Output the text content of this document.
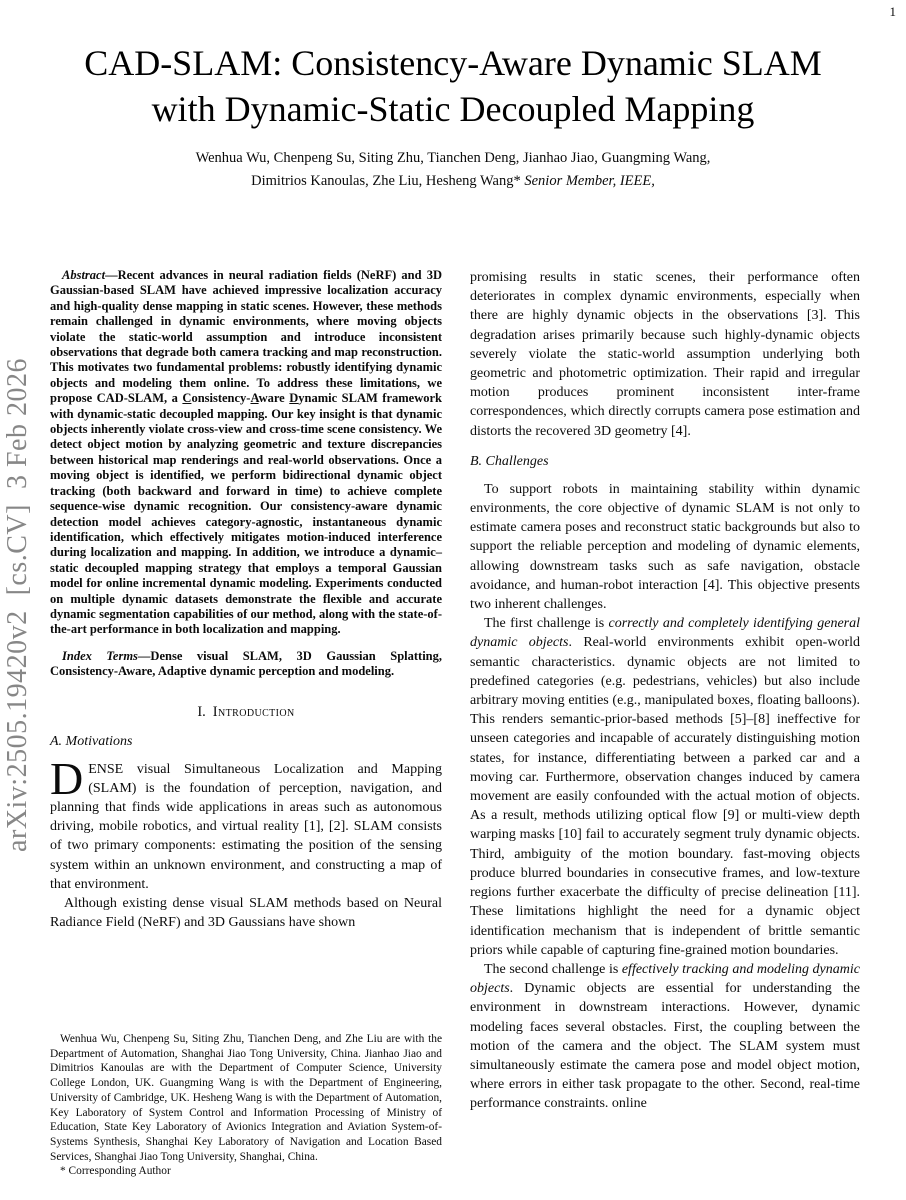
1
arXiv:2505.19420v2  [cs.CV]  3 Feb 2026
CAD-SLAM: Consistency-Aware Dynamic SLAM
with Dynamic-Static Decoupled Mapping
Wenhua Wu, Chenpeng Su, Siting Zhu, Tianchen Deng, Jianhao Jiao, Guangming Wang,
Dimitrios Kanoulas, Zhe Liu, Hesheng Wang* Senior Member, IEEE,

Abstract—Recent advances in neural radiation fields (NeRF) and 3D Gaussian-based SLAM have achieved impressive localization accuracy and high-quality dense mapping in static scenes. However, these methods remain challenged in dynamic environments, where moving objects violate the static-world assumption and introduce inconsistent observations that degrade both camera tracking and map reconstruction. This motivates two fundamental problems: robustly identifying dynamic objects and modeling them online. To address these limitations, we propose CAD-SLAM, a Consistency-Aware Dynamic SLAM framework with dynamic-static decoupled mapping. Our key insight is that dynamic objects inherently violate cross-view and cross-time scene consistency. We detect object motion by analyzing geometric and texture discrepancies between historical map renderings and real-world observations. Once a moving object is identified, we perform bidirectional dynamic object tracking (both backward and forward in time) to achieve complete sequence-wise dynamic recognition. Our consistency-aware dynamic detection model achieves category-agnostic, instantaneous dynamic identification, which effectively mitigates motion-induced interference during localization and mapping. In addition, we introduce a dynamic–static decoupled mapping strategy that employs a temporal Gaussian model for online incremental dynamic modeling. Experiments conducted on multiple dynamic datasets demonstrate the flexible and accurate dynamic segmentation capabilities of our method, along with the state-of-the-art performance in both localization and mapping.

Index Terms—Dense visual SLAM, 3D Gaussian Splatting, Consistency-Aware, Adaptive dynamic perception and modeling.

I. Introduction
A. Motivations

DENSE visual Simultaneous Localization and Mapping (SLAM) is the foundation of perception, navigation, and planning that finds wide applications in areas such as autonomous driving, mobile robotics, and virtual reality [1], [2]. SLAM consists of two primary components: estimating the position of the sensing system within an unknown environment, and constructing a map of that environment.

Although existing dense visual SLAM methods based on Neural Radiance Field (NeRF) and 3D Gaussians have shown

promising results in static scenes, their performance often deteriorates in complex dynamic environments, especially when there are highly dynamic objects in the observations [3]. This degradation arises primarily because such highly-dynamic objects severely violate the static-world assumption underlying both geometric and photometric optimization. Their rapid and irregular motion produces prominent inconsistent inter-frame correspondences, which directly corrupts camera pose estimation and distorts the recovered 3D geometry [4].

B. Challenges

To support robots in maintaining stability within dynamic environments, the core objective of dynamic SLAM is not only to estimate camera poses and reconstruct static backgrounds but also to support the reliable perception and modeling of dynamic elements, allowing downstream tasks such as safe navigation, obstacle avoidance, and human-robot interaction [4]. This objective presents two inherent challenges.

The first challenge is correctly and completely identifying general dynamic objects. Real-world environments exhibit open-world semantic characteristics. dynamic objects are not limited to predefined categories (e.g. pedestrians, vehicles) but also include arbitrary moving entities (e.g., manipulated boxes, floating balloons). This renders semantic-prior-based methods [5]–[8] ineffective for unseen categories and incapable of accurately distinguishing motion states, for instance, differentiating between a parked car and a moving car. Furthermore, observation changes induced by camera movement are easily confounded with the actual motion of objects. As a result, methods utilizing optical flow [9] or multi-view depth warping masks [10] fail to accurately segment truly dynamic objects. Third, ambiguity of the motion boundary. fast-moving objects produce blurred boundaries in consecutive frames, and low-texture regions further exacerbate the difficulty of precise delineation [11]. These limitations highlight the need for a dynamic object identification mechanism that is independent of brittle semantic priors while capable of capturing fine-grained motion boundaries.

The second challenge is effectively tracking and modeling dynamic objects. Dynamic objects are essential for understanding the environment in downstream interactions. However, dynamic modeling faces several obstacles. First, the coupling between the motion of the camera and the object. The SLAM system must simultaneously estimate the camera pose and model object motion, where errors in either task propagate to the other. Second, real-time performance constraints. online

Wenhua Wu, Chenpeng Su, Siting Zhu, Tianchen Deng, and Zhe Liu are with the Department of Automation, Shanghai Jiao Tong University, China. Jianhao Jiao and Dimitrios Kanoulas are with the Department of Computer Science, University College London, UK. Guangming Wang is with the Department of Engineering, University of Cambridge, UK. Hesheng Wang is with the Department of Automation, Key Laboratory of System Control and Information Processing of Ministry of Education, State Key Laboratory of Avionics Integration and Aviation System-of-Systems Synthesis, Shanghai Key Laboratory of Navigation and Location Based Services, Shanghai Jiao Tong University, Shanghai, China.

* Corresponding Author
